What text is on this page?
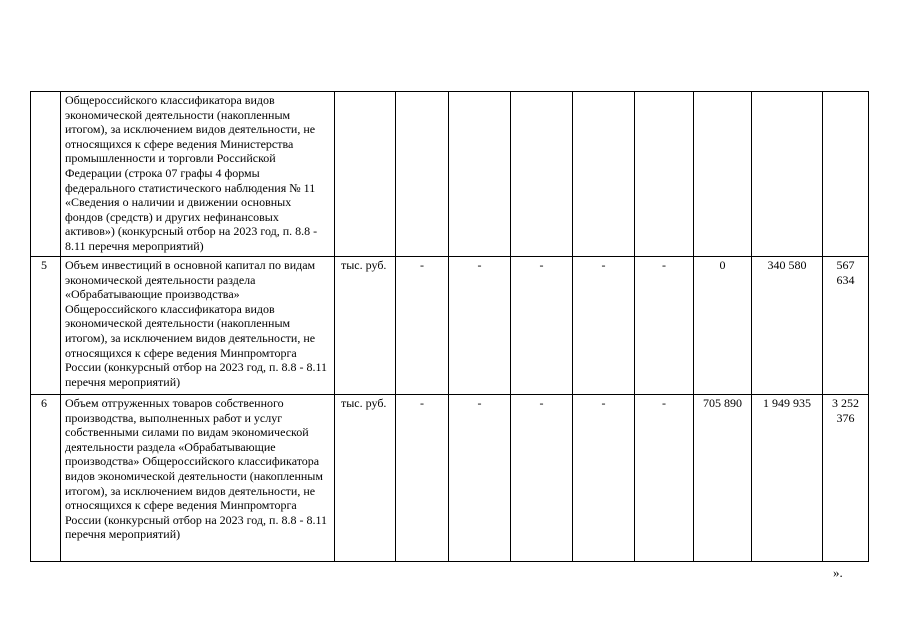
	Общероссийского классификатора видов экономической деятельности (накопленным итогом), за исключением видов деятельности, не относящихся к сфере ведения Министерства промышленности и торговли Российской Федерации (строка 07 графы 4 формы федерального статистического наблюдения № 11 «Сведения о наличии и движении основных фондов (средств) и других нефинансовых активов») (конкурсный отбор на 2023 год, п. 8.8 - 8.11 перечня мероприятий)									
5	Объем инвестиций в основной капитал по видам экономической деятельности раздела «Обрабатывающие производства» Общероссийского классификатора видов экономической деятельности (накопленным итогом), за исключением видов деятельности, не относящихся к сфере ведения Минпромторга России (конкурсный отбор на 2023 год, п. 8.8 - 8.11 перечня мероприятий)	тыс. руб.	-	-	-	-	-	0	340 580	567 634
6	Объем отгруженных товаров собственного производства, выполненных работ и услуг собственными силами по видам экономической деятельности раздела «Обрабатывающие производства» Общероссийского классификатора видов экономической деятельности (накопленным итогом), за исключением видов деятельности, не относящихся к сфере ведения Минпромторга России (конкурсный отбор на 2023 год, п. 8.8 - 8.11 перечня мероприятий)	тыс. руб.	-	-	-	-	-	705 890	1 949 935	3 252 376
».
